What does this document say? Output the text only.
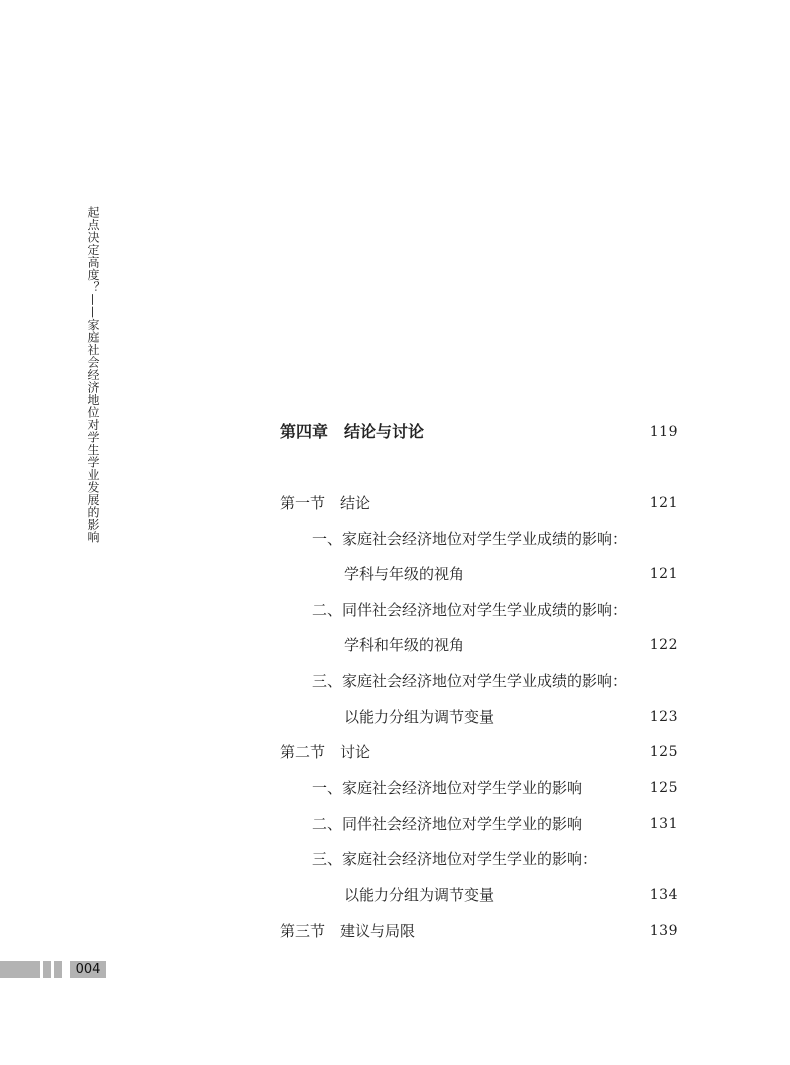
起点决定高度？——家庭社会经济地位对学生学业发展的影响
004
第四章　结论与讨论	119
第一节　结论	121
一、家庭社会经济地位对学生学业成绩的影响：
学科与年级的视角	121
二、同伴社会经济地位对学生学业成绩的影响：
学科和年级的视角	122
三、家庭社会经济地位对学生学业成绩的影响：
以能力分组为调节变量	123
第二节　讨论	125
一、家庭社会经济地位对学生学业的影响	125
二、同伴社会经济地位对学生学业的影响	131
三、家庭社会经济地位对学生学业的影响：
以能力分组为调节变量	134
第三节　建议与局限	139
